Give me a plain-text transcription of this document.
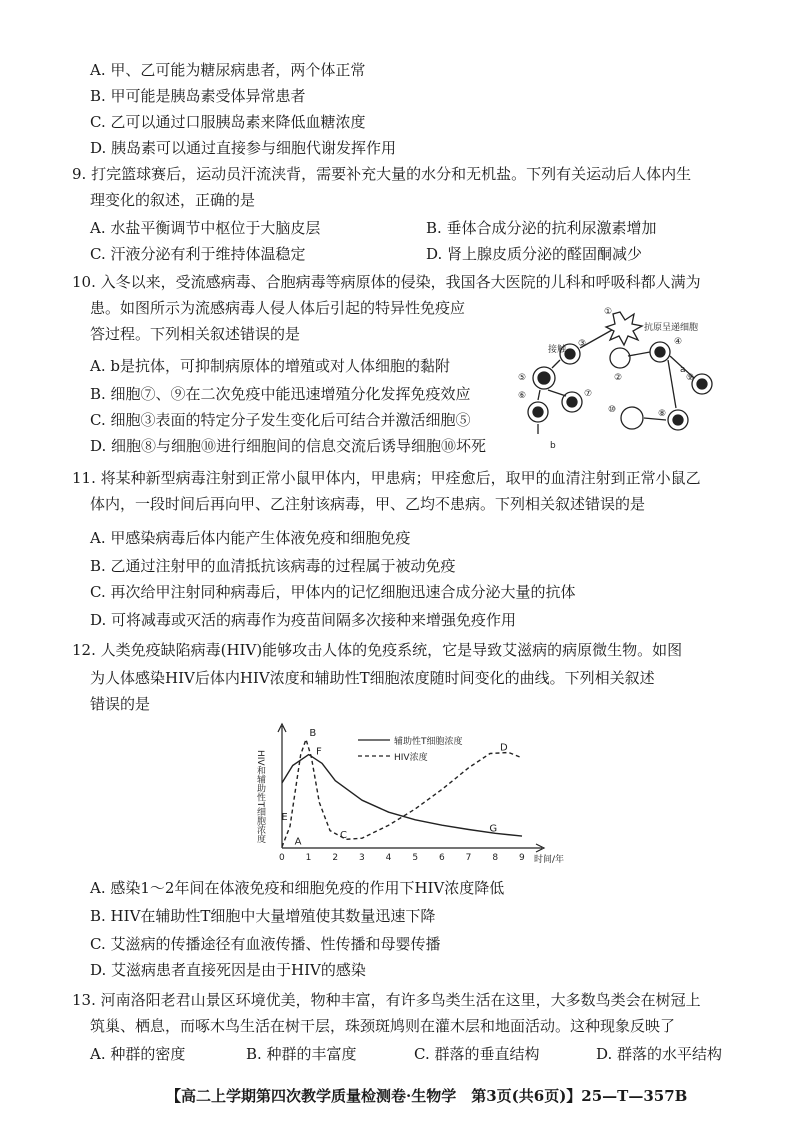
A. 甲、乙可能为糖尿病患者，两个体正常
B. 甲可能是胰岛素受体异常患者
C. 乙可以通过口服胰岛素来降低血糖浓度
D. 胰岛素可以通过直接参与细胞代谢发挥作用
9. 打完篮球赛后，运动员汗流浃背，需要补充大量的水分和无机盐。下列有关运动后人体内生
理变化的叙述，正确的是
A. 水盐平衡调节中枢位于大脑皮层	B. 垂体合成分泌的抗利尿激素增加
C. 汗液分泌有利于维持体温稳定	D. 肾上腺皮质分泌的醛固酮减少
10. 入冬以来，受流感病毒、合胞病毒等病原体的侵染，我国各大医院的儿科和呼吸科都人满为
患。如图所示为流感病毒人侵人体后引起的特异性免疫应
答过程。下列相关叙述错误的是
A. b是抗体，可抑制病原体的增殖或对人体细胞的黏附
B. 细胞⑦、⑨在二次免疫中能迅速增殖分化发挥免疫效应
C. 细胞③表面的特定分子发生变化后可结合并激活细胞⑤
D. 细胞⑧与细胞⑩进行细胞间的信息交流后诱导细胞⑩坏死
①
抗原呈递细胞
接触
②
③	④
⑤
⑥	⑦
⑧
⑨
⑩
a
b
11. 将某种新型病毒注射到正常小鼠甲体内，甲患病；甲痊愈后，取甲的血清注射到正常小鼠乙
体内，一段时间后再向甲、乙注射该病毒，甲、乙均不患病。下列相关叙述错误的是
A. 甲感染病毒后体内能产生体液免疫和细胞免疫
B. 乙通过注射甲的血清抵抗该病毒的过程属于被动免疫
C. 再次给甲注射同种病毒后，甲体内的记忆细胞迅速合成分泌大量的抗体
D. 可将减毒或灭活的病毒作为疫苗间隔多次接种来增强免疫作用
12. 人类免疫缺陷病毒(HIV)能够攻击人体的免疫系统，它是导致艾滋病的病原微生物。如图
为人体感染HIV后体内HIV浓度和辅助性T细胞浓度随时间变化的曲线。下列相关叙述
错误的是
辅助性T细胞浓度
HIV浓度
HIV和辅助性T细胞浓度
时间/年
0 1 2 3 4 5 6 7 8 9
A
B
C
D
E
F
G
A. 感染1～2年间在体液免疫和细胞免疫的作用下HIV浓度降低
B. HIV在辅助性T细胞中大量增殖使其数量迅速下降
C. 艾滋病的传播途径有血液传播、性传播和母婴传播
D. 艾滋病患者直接死因是由于HIV的感染
13. 河南洛阳老君山景区环境优美，物种丰富，有许多鸟类生活在这里，大多数鸟类会在树冠上
筑巢、栖息，而啄木鸟生活在树干层，珠颈斑鸠则在灌木层和地面活动。这种现象反映了
A. 种群的密度	B. 种群的丰富度	C. 群落的垂直结构	D. 群落的水平结构
【高二上学期第四次教学质量检测卷·生物学　第3页(共6页)】25—T—357B
